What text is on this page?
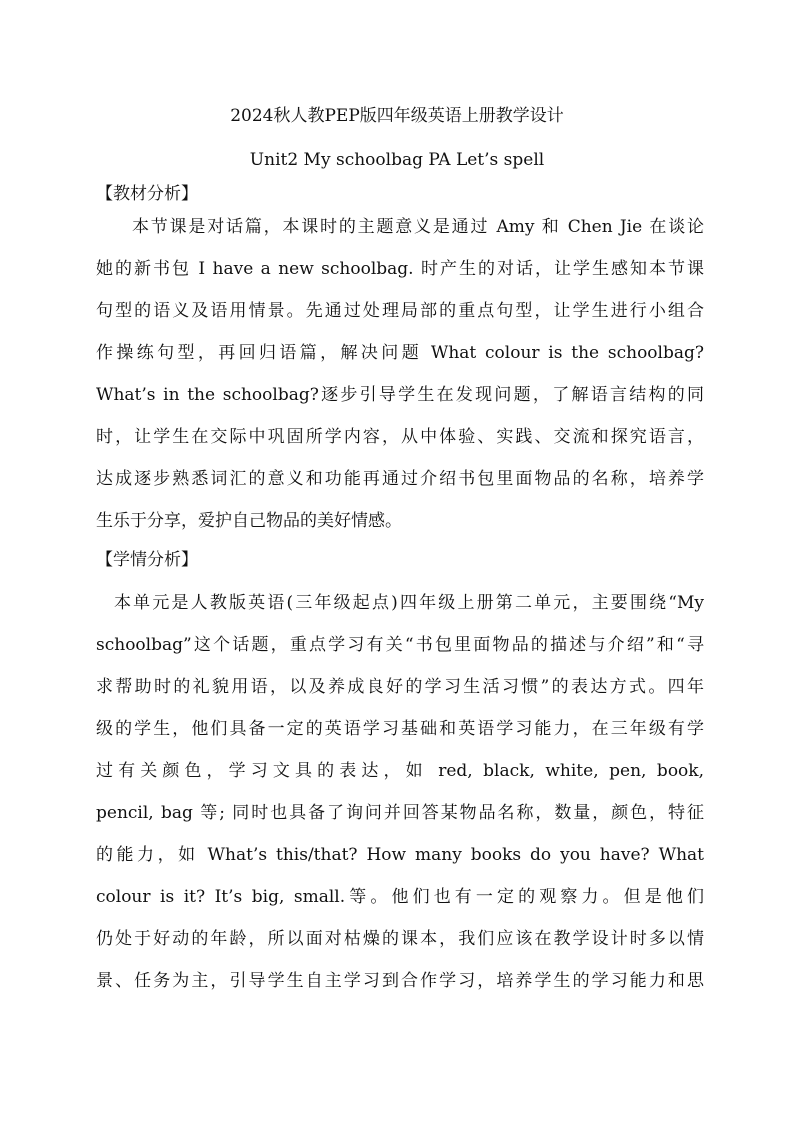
2024秋人教PEP版四年级英语上册教学设计
Unit2 My schoolbag PA Let’s spell
【教材分析】
本节课是对话篇，本课时的主题意义是通过 Amy 和 Chen Jie 在谈论
她的新书包 I have a new schoolbag. 时产生的对话，让学生感知本节课
句型的语义及语用情景。先通过处理局部的重点句型，让学生进行小组合
作操练句型，再回归语篇，解决问题 What colour is the schoolbag?
What’s in the schoolbag?逐步引导学生在发现问题，了解语言结构的同
时，让学生在交际中巩固所学内容，从中体验、实践、交流和探究语言，
达成逐步熟悉词汇的意义和功能再通过介绍书包里面物品的名称，培养学
生乐于分享，爱护自己物品的美好情感。
【学情分析】
本单元是人教版英语(三年级起点)四年级上册第二单元，主要围绕“My
schoolbag”这个话题，重点学习有关“书包里面物品的描述与介绍”和“寻
求帮助时的礼貌用语，以及养成良好的学习生活习惯”的表达方式。四年
级的学生，他们具备一定的英语学习基础和英语学习能力，在三年级有学
过有关颜色，学习文具的表达，如 red, black, white, pen, book,
pencil, bag 等; 同时也具备了询问并回答某物品名称，数量，颜色，特征
的能力，如 What’s this/that? How many books do you have? What
colour is it? It’s big, small.等。他们也有一定的观察力。但是他们
仍处于好动的年龄，所以面对枯燥的课本，我们应该在教学设计时多以情
景、任务为主，引导学生自主学习到合作学习，培养学生的学习能力和思
